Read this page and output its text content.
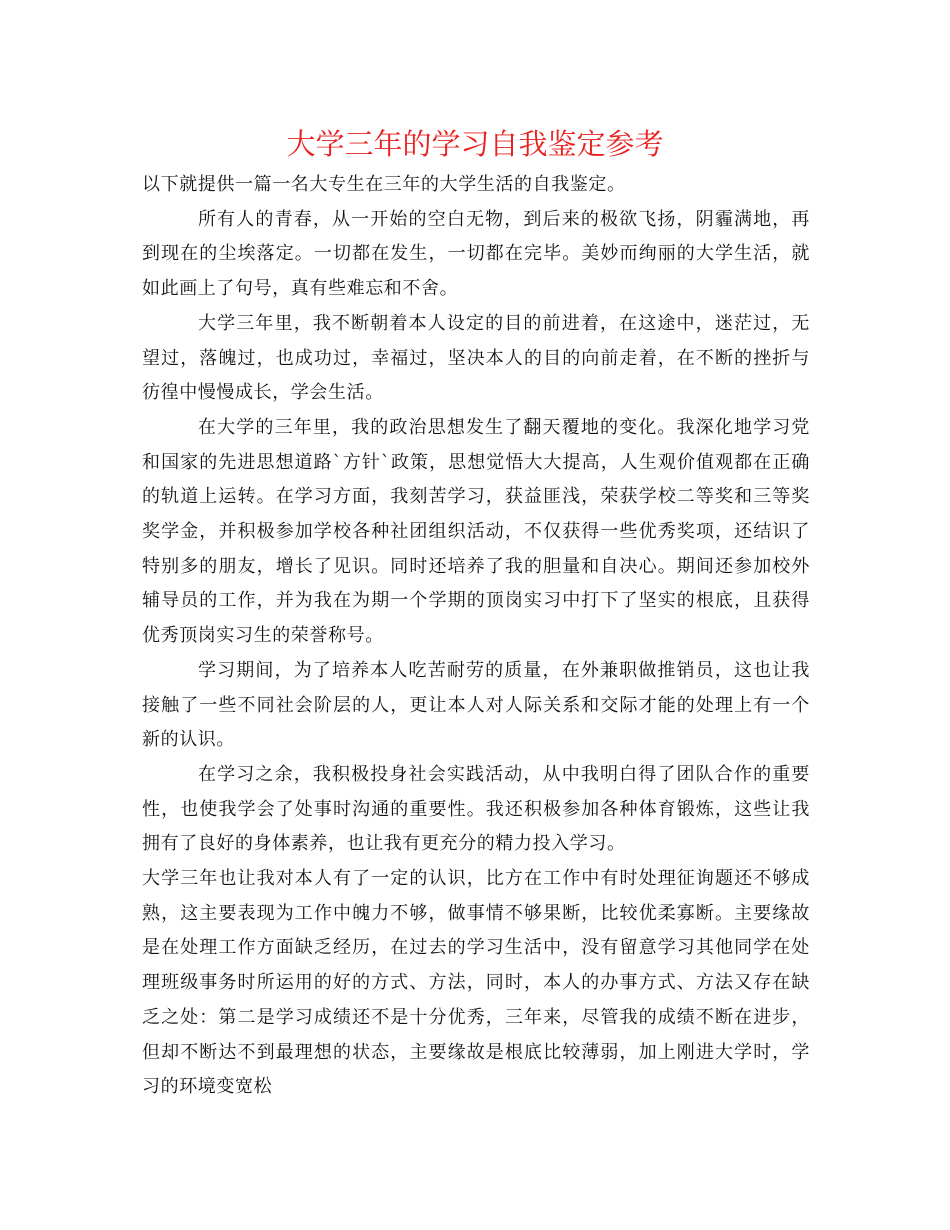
大学三年的学习自我鉴定参考

以下就提供一篇一名大专生在三年的大学生活的自我鉴定。

所有人的青春，从一开始的空白无物，到后来的极欲飞扬，阴霾满地，再到现在的尘埃落定。一切都在发生，一切都在完毕。美妙而绚丽的大学生活，就如此画上了句号，真有些难忘和不舍。

大学三年里，我不断朝着本人设定的目的前进着，在这途中，迷茫过，无望过，落魄过，也成功过，幸福过，坚决本人的目的向前走着，在不断的挫折与彷徨中慢慢成长，学会生活。

在大学的三年里，我的政治思想发生了翻天覆地的变化。我深化地学习党和国家的先进思想道路`方针`政策，思想觉悟大大提高，人生观价值观都在正确的轨道上运转。在学习方面，我刻苦学习，获益匪浅，荣获学校二等奖和三等奖奖学金，并积极参加学校各种社团组织活动，不仅获得一些优秀奖项，还结识了特别多的朋友，增长了见识。同时还培养了我的胆量和自决心。期间还参加校外辅导员的工作，并为我在为期一个学期的顶岗实习中打下了坚实的根底，且获得优秀顶岗实习生的荣誉称号。

学习期间，为了培养本人吃苦耐劳的质量，在外兼职做推销员，这也让我接触了一些不同社会阶层的人，更让本人对人际关系和交际才能的处理上有一个新的认识。

在学习之余，我积极投身社会实践活动，从中我明白得了团队合作的重要性，也使我学会了处事时沟通的重要性。我还积极参加各种体育锻炼，这些让我拥有了良好的身体素养，也让我有更充分的精力投入学习。

大学三年也让我对本人有了一定的认识，比方在工作中有时处理征询题还不够成熟，这主要表现为工作中魄力不够，做事情不够果断，比较优柔寡断。主要缘故是在处理工作方面缺乏经历，在过去的学习生活中，没有留意学习其他同学在处理班级事务时所运用的好的方式、方法，同时，本人的办事方式、方法又存在缺乏之处：第二是学习成绩还不是十分优秀，三年来，尽管我的成绩不断在进步，但却不断达不到最理想的状态，主要缘故是根底比较薄弱，加上刚进大学时，学习的环境变宽松
